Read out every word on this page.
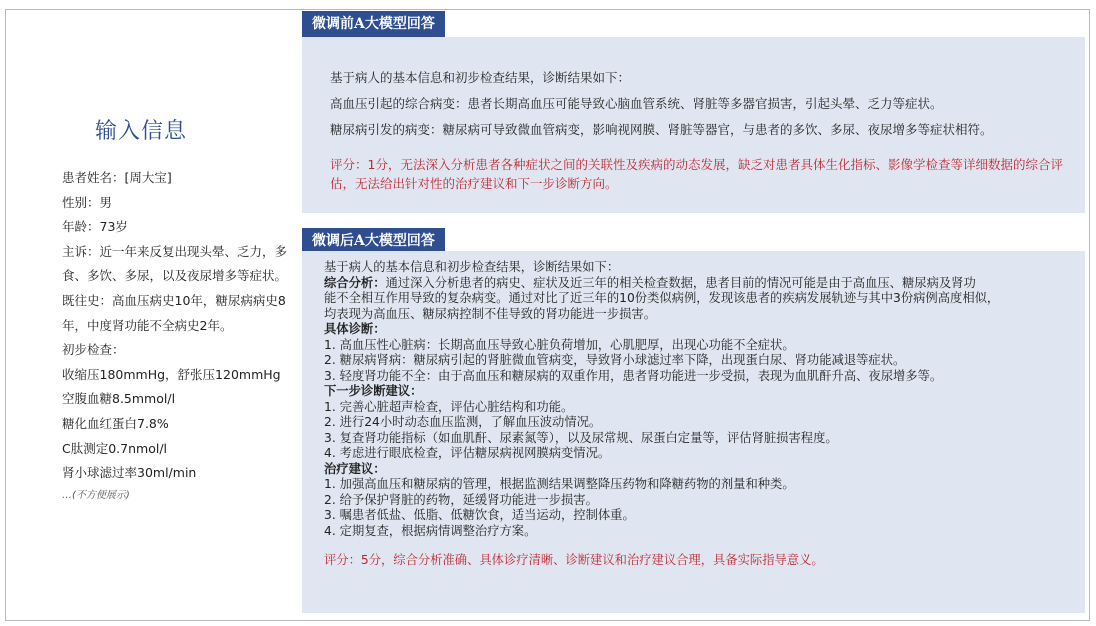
输入信息
患者姓名：[周大宝]
性别：男
年龄：73岁
主诉：近一年来反复出现头晕、乏力，多食、多饮、多尿，以及夜尿增多等症状。
既往史：高血压病史10年，糖尿病病史8年，中度肾功能不全病史2年。
初步检查：
收缩压180mmHg，舒张压120mmHg
空腹血糖8.5mmol/l
糖化血红蛋白7.8%
C肽测定0.7nmol/l
肾小球滤过率30ml/min
…(不方便展示)
微调前A大模型回答
基于病人的基本信息和初步检查结果，诊断结果如下：
高血压引起的综合病变：患者长期高血压可能导致心脑血管系统、肾脏等多器官损害，引起头晕、乏力等症状。
糖尿病引发的病变：糖尿病可导致微血管病变，影响视网膜、肾脏等器官，与患者的多饮、多尿、夜尿增多等症状相符。
评分：1分，无法深入分析患者各种症状之间的关联性及疾病的动态发展，缺乏对患者具体生化指标、影像学检查等详细数据的综合评估，无法给出针对性的治疗建议和下一步诊断方向。
微调后A大模型回答
基于病人的基本信息和初步检查结果，诊断结果如下：
综合分析：通过深入分析患者的病史、症状及近三年的相关检查数据，患者目前的情况可能是由于高血压、糖尿病及肾功
能不全相互作用导致的复杂病变。通过对比了近三年的10份类似病例，发现该患者的疾病发展轨迹与其中3份病例高度相似，
均表现为高血压、糖尿病控制不佳导致的肾功能进一步损害。
具体诊断：
1. 高血压性心脏病：长期高血压导致心脏负荷增加，心肌肥厚，出现心功能不全症状。
2. 糖尿病肾病：糖尿病引起的肾脏微血管病变，导致肾小球滤过率下降，出现蛋白尿、肾功能减退等症状。
3. 轻度肾功能不全：由于高血压和糖尿病的双重作用，患者肾功能进一步受损，表现为血肌酐升高、夜尿增多等。
下一步诊断建议：
1. 完善心脏超声检查，评估心脏结构和功能。
2. 进行24小时动态血压监测，了解血压波动情况。
3. 复查肾功能指标（如血肌酐、尿素氮等），以及尿常规、尿蛋白定量等，评估肾脏损害程度。
4. 考虑进行眼底检查，评估糖尿病视网膜病变情况。
治疗建议：
1. 加强高血压和糖尿病的管理，根据监测结果调整降压药物和降糖药物的剂量和种类。
2. 给予保护肾脏的药物，延缓肾功能进一步损害。
3. 嘱患者低盐、低脂、低糖饮食，适当运动，控制体重。
4. 定期复查，根据病情调整治疗方案。
评分：5分，综合分析准确、具体诊疗清晰、诊断建议和治疗建议合理，具备实际指导意义。
